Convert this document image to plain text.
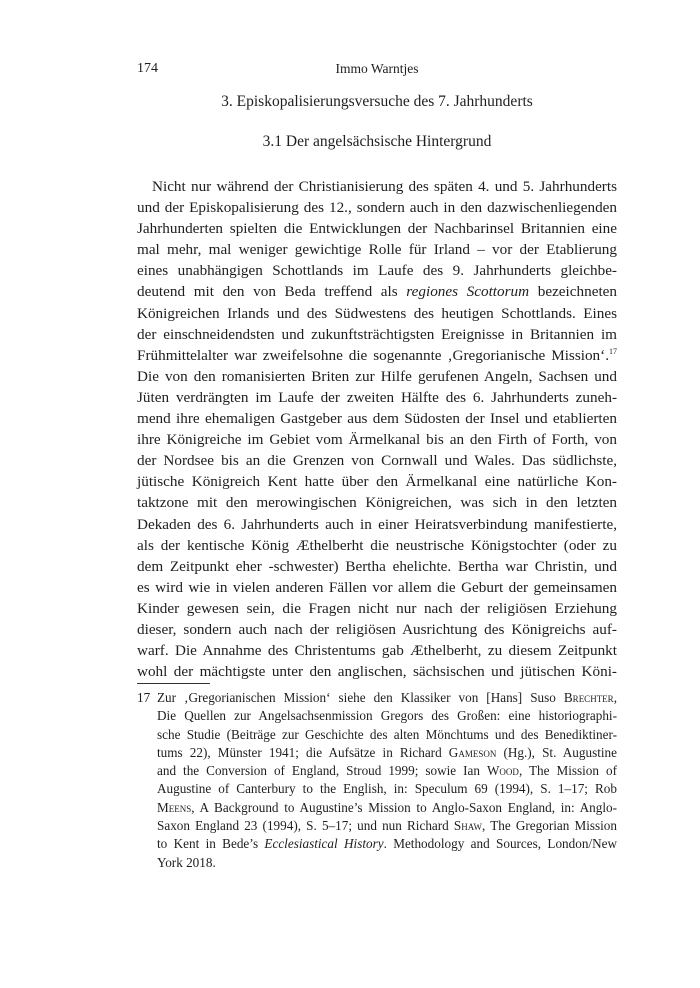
174	Immo Warntjes
3. Episkopalisierungsversuche des 7. Jahrhunderts
3.1 Der angelsächsische Hintergrund
Nicht nur während der Christianisierung des späten 4. und 5. Jahrhunderts
und der Episkopalisierung des 12., sondern auch in den dazwischenliegenden
Jahrhunderten spielten die Entwicklungen der Nachbarinsel Britannien eine
mal mehr, mal weniger gewichtige Rolle für Irland – vor der Etablierung
eines unabhängigen Schottlands im Laufe des 9. Jahrhunderts gleichbe-
deutend mit den von Beda treffend als regiones Scottorum bezeichneten
Königreichen Irlands und des Südwestens des heutigen Schottlands. Eines
der einschneidendsten und zukunftsträchtigsten Ereignisse in Britannien im
Frühmittelalter war zweifelsohne die sogenannte ‚Gregorianische Mission‘.$^{17}$
Die von den romanisierten Briten zur Hilfe gerufenen Angeln, Sachsen und
Jüten verdrängten im Laufe der zweiten Hälfte des 6. Jahrhunderts zuneh-
mend ihre ehemaligen Gastgeber aus dem Südosten der Insel und etablierten
ihre Königreiche im Gebiet vom Ärmelkanal bis an den Firth of Forth, von
der Nordsee bis an die Grenzen von Cornwall und Wales. Das südlichste,
jütische Königreich Kent hatte über den Ärmelkanal eine natürliche Kon-
taktzone mit den merowingischen Königreichen, was sich in den letzten
Dekaden des 6. Jahrhunderts auch in einer Heiratsverbindung manifestierte,
als der kentische König Æthelberht die neustrische Königstochter (oder zu
dem Zeitpunkt eher -schwester) Bertha ehelichte. Bertha war Christin, und
es wird wie in vielen anderen Fällen vor allem die Geburt der gemeinsamen
Kinder gewesen sein, die Fragen nicht nur nach der religiösen Erziehung
dieser, sondern auch nach der religiösen Ausrichtung des Königreichs auf-
warf. Die Annahme des Christentums gab Æthelberht, zu diesem Zeitpunkt
wohl der mächtigste unter den anglischen, sächsischen und jütischen Köni-
17 Zur ‚Gregorianischen Mission‘ siehe den Klassiker von [Hans] Suso Brechter,
Die Quellen zur Angelsachsenmission Gregors des Großen: eine historiographi-
sche Studie (Beiträge zur Geschichte des alten Mönchtums und des Benediktiner-
tums 22), Münster 1941; die Aufsätze in Richard Gameson (Hg.), St. Augustine
and the Conversion of England, Stroud 1999; sowie Ian Wood, The Mission of
Augustine of Canterbury to the English, in: Speculum 69 (1994), S. 1–17; Rob
Meens, A Background to Augustine’s Mission to Anglo-Saxon England, in: Anglo-
Saxon England 23 (1994), S. 5–17; und nun Richard Shaw, The Gregorian Mission
to Kent in Bede’s Ecclesiastical History. Methodology and Sources, London/New
York 2018.
